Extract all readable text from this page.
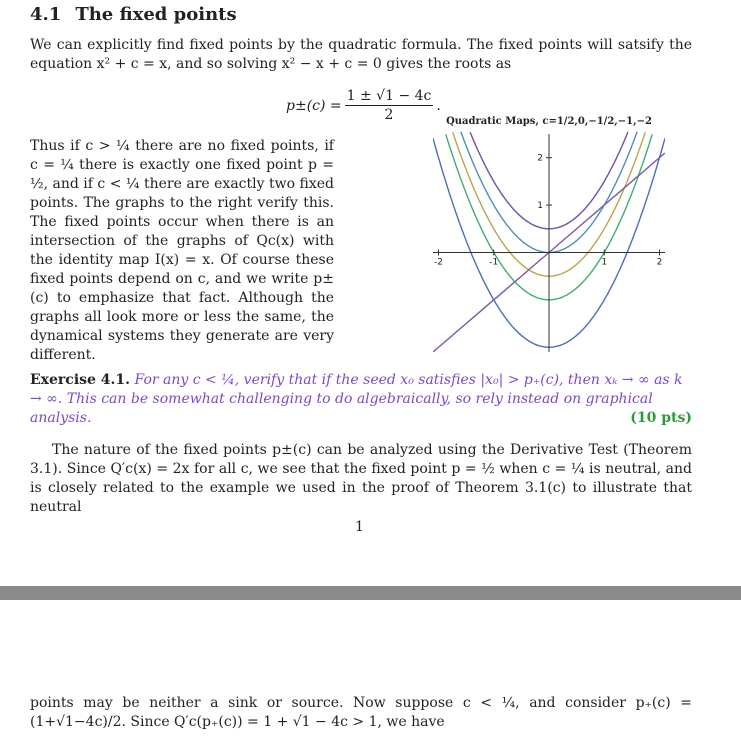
4.1 The fixed points
We can explicitly find fixed points by the quadratic formula. The fixed points will satsify the equation x² + c = x, and so solving x² − x + c = 0 gives the roots as
$p\pm(c) = \frac{1 \pm √1 - 4c}{2}$ .
Thus if c > ¼ there are no fixed points, if c = ¼ there is exactly one fixed point p = ½, and if c < ¼ there are exactly two fixed points. The graphs to the right verify this. The fixed points occur when there is an intersection of the graphs of Qc(x) with the identity map I(x) = x. Of course these fixed points depend on c, and we write p±(c) to emphasize that fact. Although the graphs all look more or less the same, the dynamical systems they generate are very different.
Quadratic Maps, c=1/2,0,−1/2,−1,−2
-2	-1	1	2
1
2
Exercise 4.1. For any c < ¼, verify that if the seed x₀ satisfies |x₀| > p₊(c), then xₖ → ∞ as k → ∞. This can be somewhat challenging to do algebraically, so rely instead on graphical analysis.	(10 pts)
The nature of the fixed points p±(c) can be analyzed using the Derivative Test (Theorem 3.1). Since Q′c(x) = 2x for all c, we see that the fixed point p = ½ when c = ¼ is neutral, and is closely related to the example we used in the proof of Theorem 3.1(c) to illustrate that neutral
1
points may be neither a sink or source. Now suppose c < ¼, and consider p₊(c) = (1+√1−4c)/2. Since Q′c(p₊(c)) = 1 + √1 − 4c > 1, we have
